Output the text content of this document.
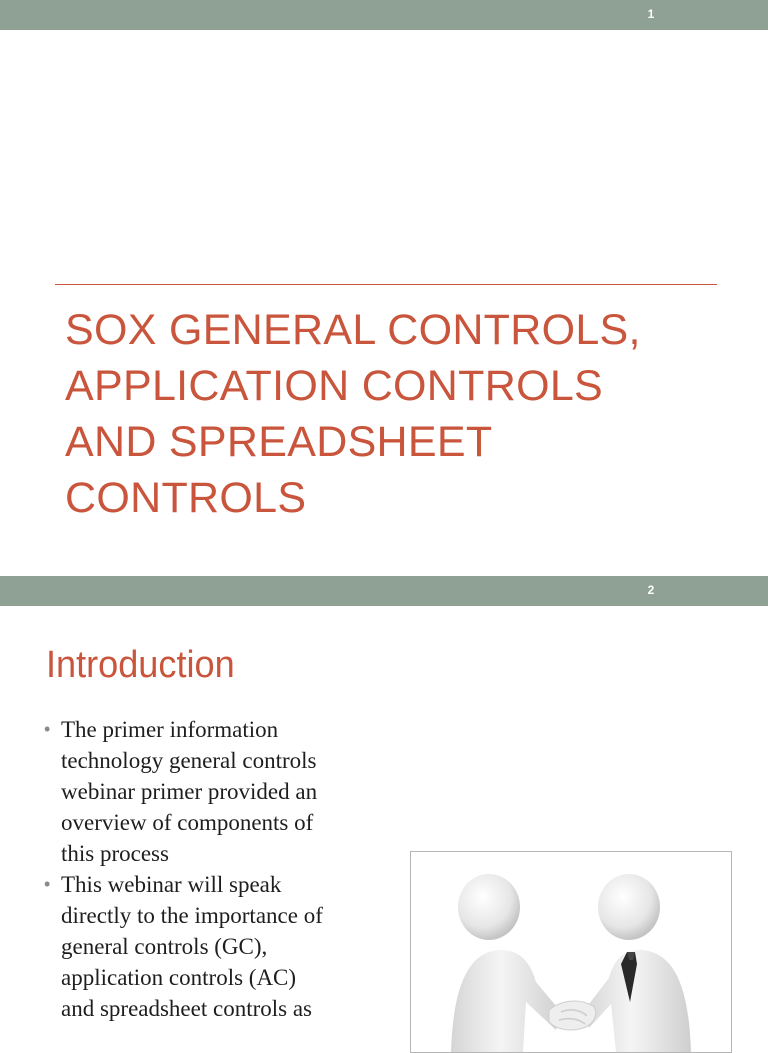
1
SOX GENERAL CONTROLS,
APPLICATION CONTROLS
AND SPREADSHEET
CONTROLS
2
Introduction
• The primer information
technology general controls
webinar primer provided an
overview of components of
this process
• This webinar will speak
directly to the importance of
general controls (GC),
application controls (AC)
and spreadsheet controls as
